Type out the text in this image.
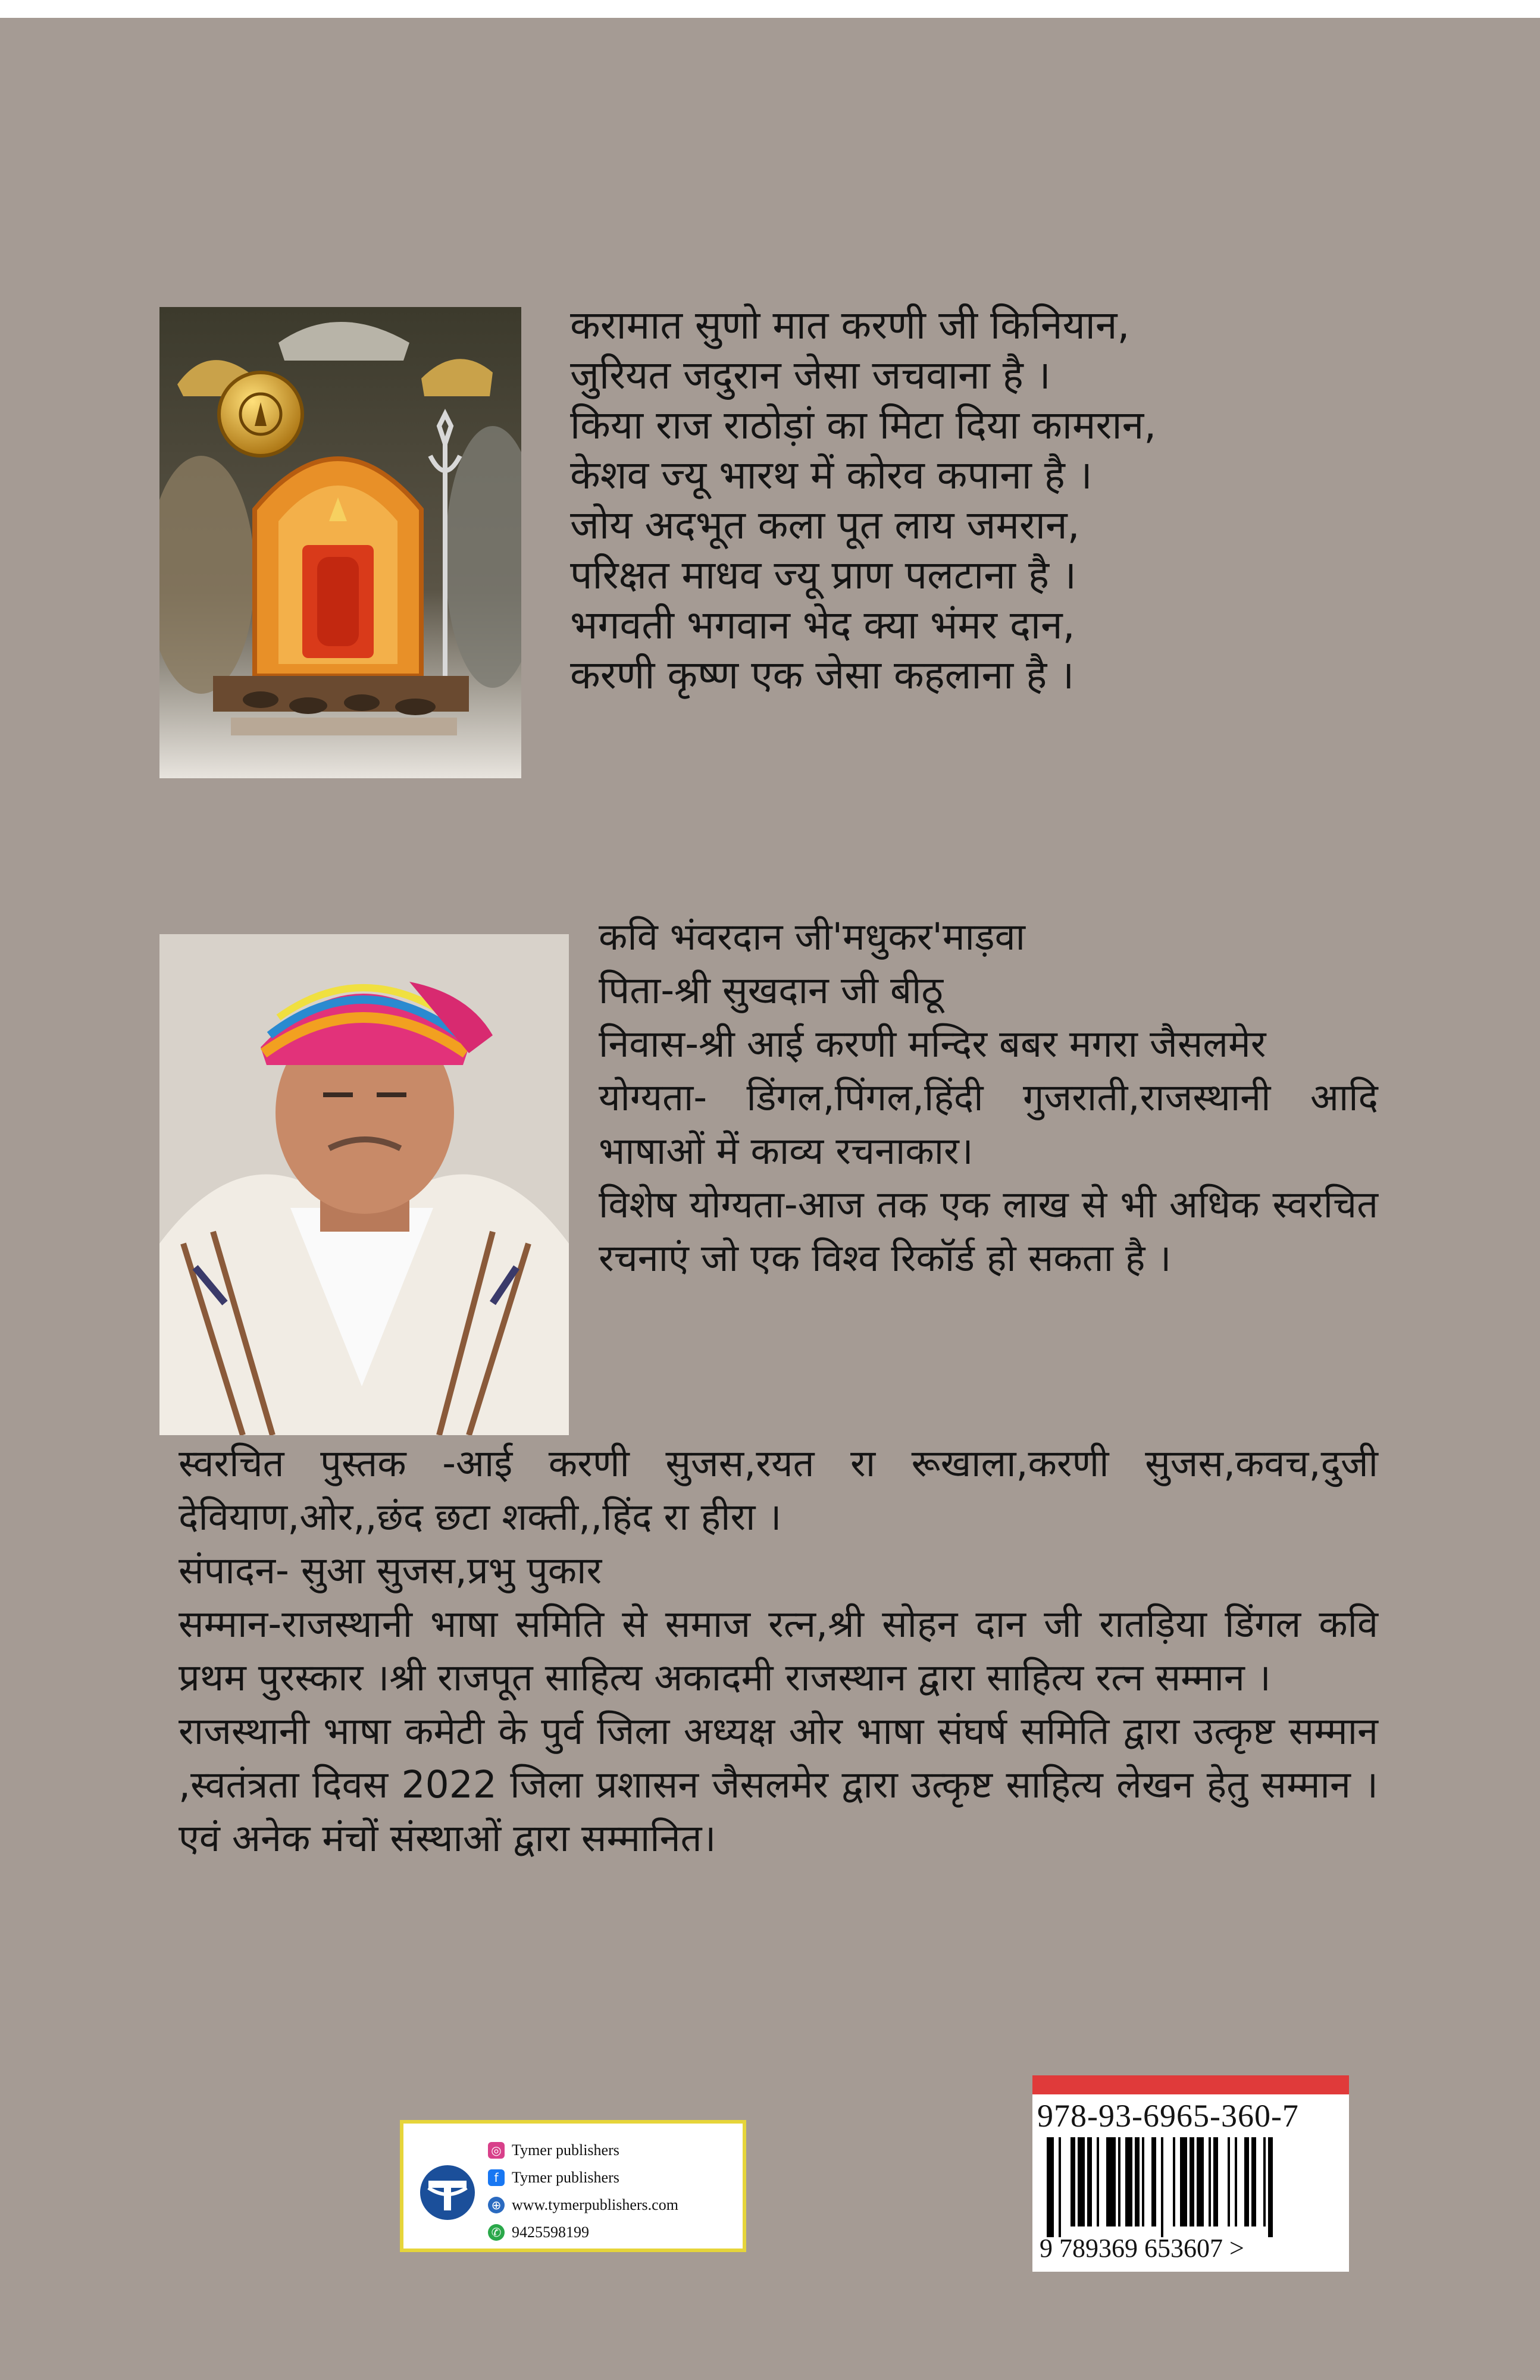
करामात सुणो मात करणी जी किनियान,
जुरियत जदुरान जेसा जचवाना है ।
किया राज राठोड़ां का मिटा दिया कामरान,
केशव ज्यू भारथ में कोरव कपाना है ।
जोय अदभूत कला पूत लाय जमरान,
परिक्षत माधव ज्यू प्राण पलटाना है ।
भगवती भगवान भेद क्या भंमर दान,
करणी कृष्ण एक जेसा कहलाना है ।

कवि भंवरदान जी'मधुकर'माड़वा

पिता-श्री सुखदान जी बीठू

निवास-श्री आई करणी मन्दिर बबर मगरा जैसलमेर

योग्यता- डिंगल,पिंगल,हिंदी गुजराती,राजस्थानी आदि भाषाओं में काव्य रचनाकार।

विशेष योग्यता-आज तक एक लाख से भी अधिक स्वरचित रचनाएं जो एक विश्व रिकॉर्ड हो सकता है ।

स्वरचित पुस्तक -आई करणी सुजस,रयत रा रूखाला,करणी सुजस,कवच,दुजी देवियाण,ओर,,छंद छटा शक्ती,,हिंद रा हीरा ।

संपादन- सुआ सुजस,प्रभु पुकार

सम्मान-राजस्थानी भाषा समिति से समाज रत्न,श्री सोहन दान जी रातड़िया डिंगल कवि प्रथम पुरस्कार ।श्री राजपूत साहित्य अकादमी राजस्थान द्वारा साहित्य रत्न सम्मान ।

राजस्थानी भाषा कमेटी के पुर्व जिला अध्यक्ष ओर भाषा संघर्ष समिति द्वारा उत्कृष्ट सम्मान ,स्वतंत्रता दिवस 2022 जिला प्रशासन जैसलमेर द्वारा उत्कृष्ट साहित्य लेखन हेतु सम्मान ।एवं अनेक मंचों संस्थाओं द्वारा सम्मानित।

◎ Tymer publishers
f Tymer publishers
⊕ www.tymerpublishers.com
✆ 9425598199
978-93-6965-360-7
9 789369 653607 >
